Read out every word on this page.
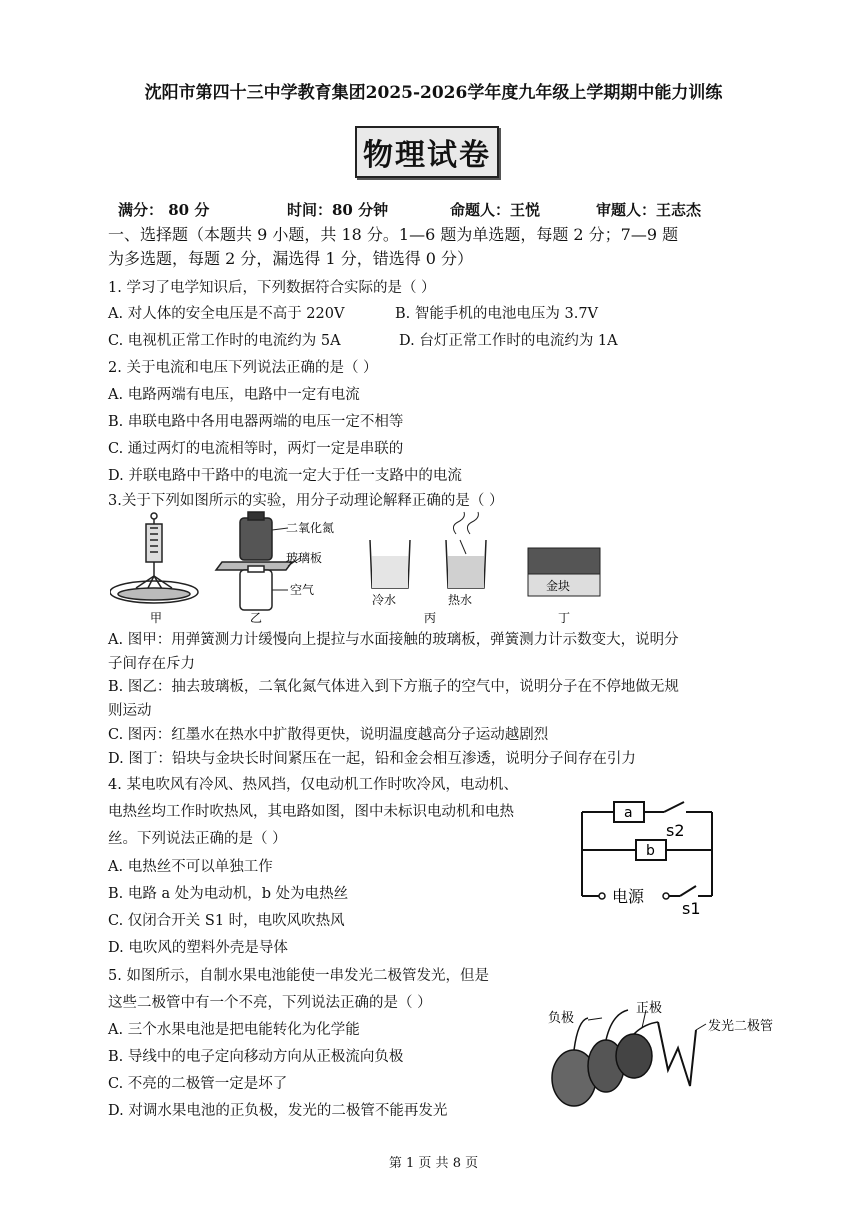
沈阳市第四十三中学教育集团2025-2026学年度九年级上学期期中能力训练
物理试卷
满分： 80 分	时间：80 分钟	命题人：王悦	审题人：王志杰
一、选择题（本题共 9 小题，共 18 分。1—6 题为单选题，每题 2 分；7—9 题
为多选题，每题 2 分，漏选得 1 分，错选得 0 分）
1. 学习了电学知识后，下列数据符合实际的是（ ）
A. 对人体的安全电压是不高于 220V	B. 智能手机的电池电压为 3.7V
C. 电视机正常工作时的电流约为 5A	D. 台灯正常工作时的电流约为 1A
2. 关于电流和电压下列说法正确的是（ ）
A. 电路两端有电压，电路中一定有电流
B. 串联电路中各用电器两端的电压一定不相等
C. 通过两灯的电流相等时，两灯一定是串联的
D. 并联电路中干路中的电流一定大于任一支路中的电流
3.关于下列如图所示的实验，用分子动理论解释正确的是（ ）
二氧化氮
玻璃板
空气
冷水	热水
金块
甲	乙	丙	丁
A. 图甲：用弹簧测力计缓慢向上提拉与水面接触的玻璃板，弹簧测力计示数变大，说明分
子间存在斥力
B. 图乙：抽去玻璃板，二氧化氮气体进入到下方瓶子的空气中，说明分子在不停地做无规
则运动
C. 图丙：红墨水在热水中扩散得更快，说明温度越高分子运动越剧烈
D. 图丁：铅块与金块长时间紧压在一起，铅和金会相互渗透，说明分子间存在引力
4. 某电吹风有冷风、热风挡，仅电动机工作时吹冷风，电动机、
电热丝均工作时吹热风，其电路如图，图中未标识电动机和电热
丝。下列说法正确的是（ ）
A. 电热丝不可以单独工作
B. 电路 a 处为电动机，b 处为电热丝
C. 仅闭合开关 S1 时，电吹风吹热风
D. 电吹风的塑料外壳是导体
a
b
s2
s1
电源
5. 如图所示，自制水果电池能使一串发光二极管发光，但是
这些二极管中有一个不亮，下列说法正确的是（ ）
A. 三个水果电池是把电能转化为化学能
B. 导线中的电子定向移动方向从正极流向负极
C. 不亮的二极管一定是坏了
D. 对调水果电池的正负极，发光的二极管不能再发光
负极
正极
发光二极管
第 1 页 共 8 页
